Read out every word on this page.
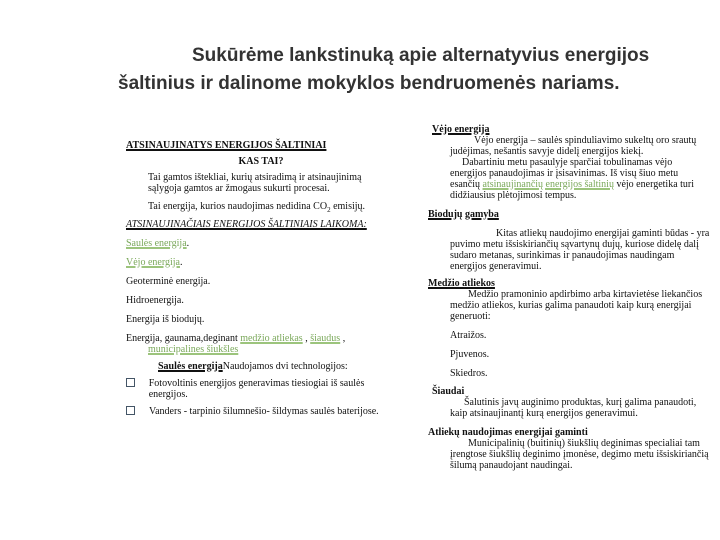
Sukūrėme lankstinuką apie alternatyvius energijos šaltinius ir dalinome mokyklos bendruomenės nariams.
ATSINAUJINATYS ENERGIJOS ŠALTINIAI
KAS TAI?
Tai gamtos ištekliai, kurių atsiradimą ir atsinaujinimą sąlygoja gamtos ar žmogaus sukurti procesai.
Tai energija, kurios naudojimas nedidina $CO_2$ emisijų.
ATSINAUJINAČIAIS ENERGIJOS ŠALTINIAIS LAIKOMA:
Saulės energija.
Vėjo energija.
Geoterminė energija.
Hidroenergija.
Energija iš biodujų.
Energija, gaunama,deginant medžio atliekas , šiaudus , municipalines šiukšles
Saulės energijaNaudojamos dvi technologijos:
Fotovoltinis energijos generavimas tiesiogiai iš saulės energijos.
Vanders - tarpinio šilumnešio- šildymas saulės baterijose.
Vėjo energija
Vėjo energija – saulės spinduliavimo sukeltų oro srautų judėjimas, nešantis savyje didelį energijos kiekį.
Dabartiniu metu pasaulyje sparčiai tobulinamas vėjo energijos panaudojimas ir įsisavinimas. Iš visų šiuo metu esančių atsinaujinančių energijos šaltinių vėjo energetika turi didžiausius plėtojimosi tempus.
Biodujų gamyba
Kitas atliekų naudojimo energijai gaminti būdas - yra puvimo metu išsiskiriančių sąvartynų dujų, kuriose didelę dalį sudaro metanas, surinkimas ir panaudojimas naudingam energijos generavimui.
Medžio atliekos
Medžio pramoninio apdirbimo arba kirtavietėse liekančios medžio atliekos, kurias galima panaudoti kaip kurą energijai generuoti:
Atraižos.
Pjuvenos.
Skiedros.
Šiaudai
Šalutinis javų auginimo produktas, kurį galima panaudoti, kaip atsinaujinantį kurą energijos generavimui.
Atliekų naudojimas energijai gaminti
Municipalinių (buitinių) šiukšlių deginimas specialiai tam įrengtose šiukšlių deginimo įmonėse, degimo metu išsiskiriančią šilumą panaudojant naudingai.
